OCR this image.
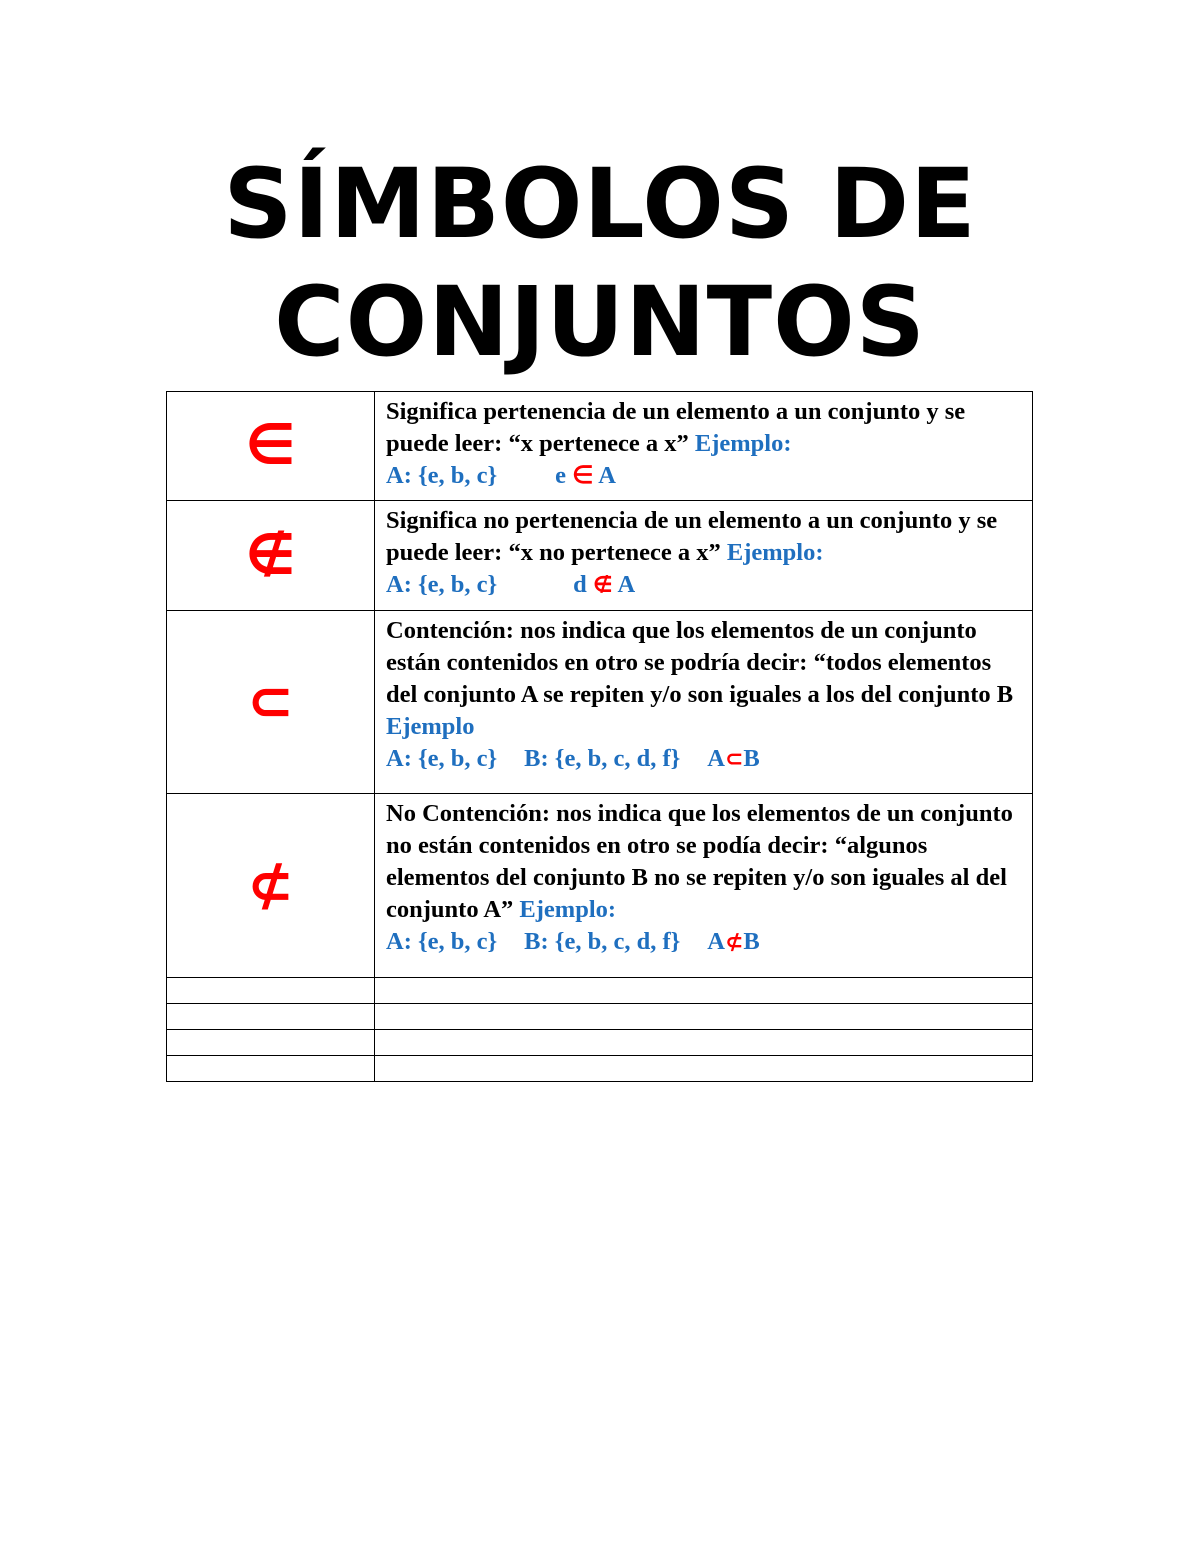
SÍMBOLOS DE
CONJUNTOS
∈	Significa pertenencia de un elemento a un conjunto y se puede leer: “x pertenece a x” Ejemplo:
A: {e, b, c} e ∈ A

∉	Significa no pertenencia de un elemento a un conjunto y se puede leer: “x no pertenece a x” Ejemplo:
A: {e, b, c} d ∉ A

⊂	Contención: nos indica que los elementos de un conjunto están contenidos en otro se podría decir: “todos elementos del conjunto A se repiten y/o son iguales a los del conjunto B Ejemplo
A: {e, b, c} B: {e, b, c, d, f} A⊂B

⊄	No Contención: nos indica que los elementos de un conjunto no están contenidos en otro se podía decir: “algunos elementos del conjunto B no se repiten y/o son iguales al del conjunto A” Ejemplo:
A: {e, b, c} B: {e, b, c, d, f} A⊄B
